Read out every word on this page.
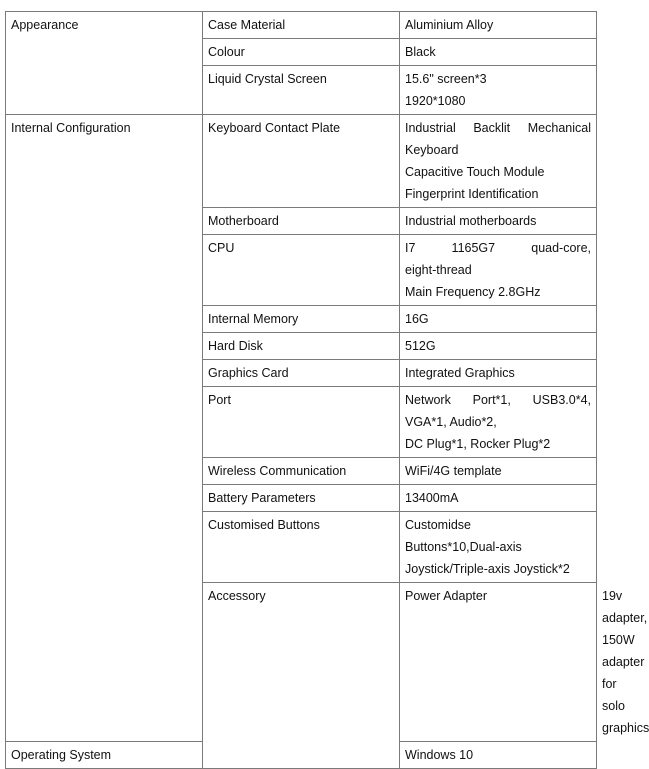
Appearance	Case Material	Aluminium Alloy	

	Colour	Black	

	Liquid Crystal Screen	15.6" screen*3
1920*1080	

Internal Configuration	Keyboard Contact Plate	Industrial Backlit Mechanical
Keyboard
Capacitive Touch Module
Fingerprint Identification	

	Motherboard	Industrial motherboards	

	CPU	I7 1165G7 quad-core,
eight-thread
Main Frequency 2.8GHz	

	Internal Memory	16G	

	Hard Disk	512G	

	Graphics Card	Integrated Graphics	

	Port	Network Port*1, USB3.0*4,
VGA*1, Audio*2,
DC Plug*1, Rocker Plug*2	

	Wireless Communication	WiFi/4G template	

	Battery Parameters	13400mA	

	Customised Buttons	Customidse
Buttons*10,Dual-axis
Joystick/Triple-axis Joystick*2	

	Accessory	Power Adapter	19v adapter, 150W adapter for
solo graphics

Operating System		Windows 10	
